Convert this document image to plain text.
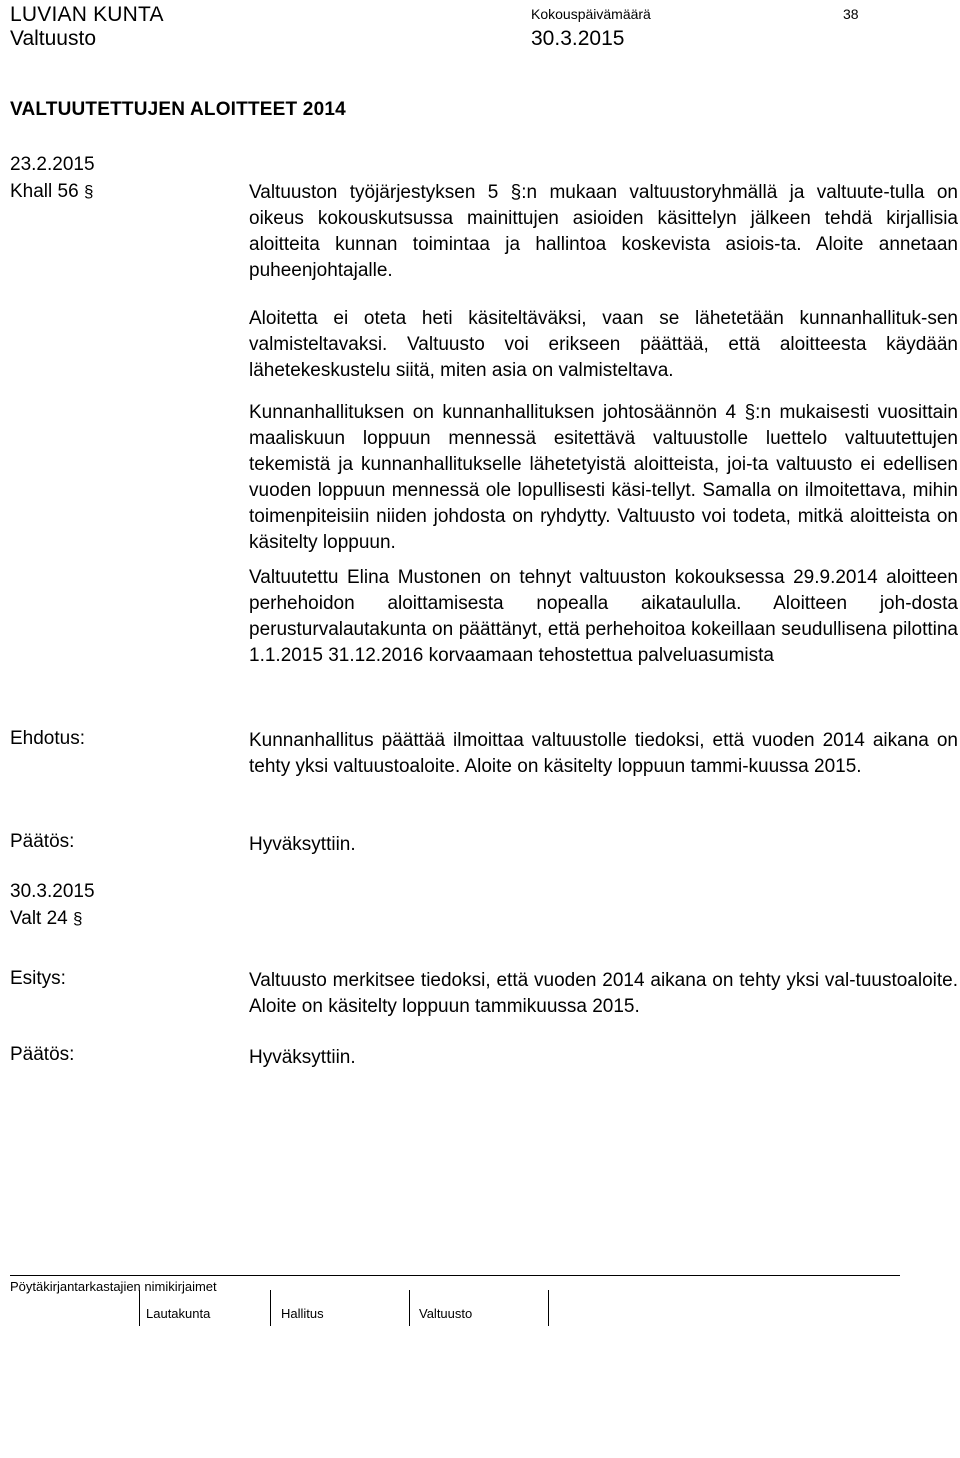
LUVIAN KUNTA
Valtuusto
Kokouspäivämäärä
30.3.2015
38
VALTUUTETTUJEN ALOITTEET 2014
23.2.2015
Khall 56 §	Valtuuston työjärjestyksen 5 §:n mukaan valtuustoryhmällä ja valtuute-tulla on oikeus kokouskutsussa mainittujen asioiden käsittelyn jälkeen tehdä kirjallisia aloitteita kunnan toimintaa ja hallintoa koskevista asiois-ta. Aloite annetaan puheenjohtajalle.

Aloitetta ei oteta heti käsiteltäväksi, vaan se lähetetään kunnanhallituk-sen valmisteltavaksi. Valtuusto voi erikseen päättää, että aloitteesta käydään lähetekeskustelu siitä, miten asia on valmisteltava.

Kunnanhallituksen on kunnanhallituksen johtosäännön 4 §:n mukaisesti vuosittain maaliskuun loppuun mennessä esitettävä valtuustolle luettelo valtuutettujen tekemistä ja kunnanhallitukselle lähetetyistä aloitteista, joi-ta valtuusto ei edellisen vuoden loppuun mennessä ole lopullisesti käsi-tellyt. Samalla on ilmoitettava, mihin toimenpiteisiin niiden johdosta on ryhdytty. Valtuusto voi todeta, mitkä aloitteista on käsitelty loppuun.

Valtuutettu Elina Mustonen on tehnyt valtuuston kokouksessa 29.9.2014 aloitteen perhehoidon aloittamisesta nopealla aikataululla. Aloitteen joh-dosta perusturvalautakunta on päättänyt, että perhehoitoa kokeillaan seudullisena pilottina 1.1.2015 31.12.2016 korvaamaan tehostettua palveluasumista

Ehdotus:	Kunnanhallitus päättää ilmoittaa valtuustolle tiedoksi, että vuoden 2014 aikana on tehty yksi valtuustoaloite. Aloite on käsitelty loppuun tammi-kuussa 2015.

Päätös:	Hyväksyttiin.
30.3.2015
Valt 24 §
Esitys:	Valtuusto merkitsee tiedoksi, että vuoden 2014 aikana on tehty yksi val-tuustoaloite. Aloite on käsitelty loppuun tammikuussa 2015.

Päätös:	Hyväksyttiin.
Pöytäkirjantarkastajien nimikirjaimet
Lautakunta	Hallitus	Valtuusto
